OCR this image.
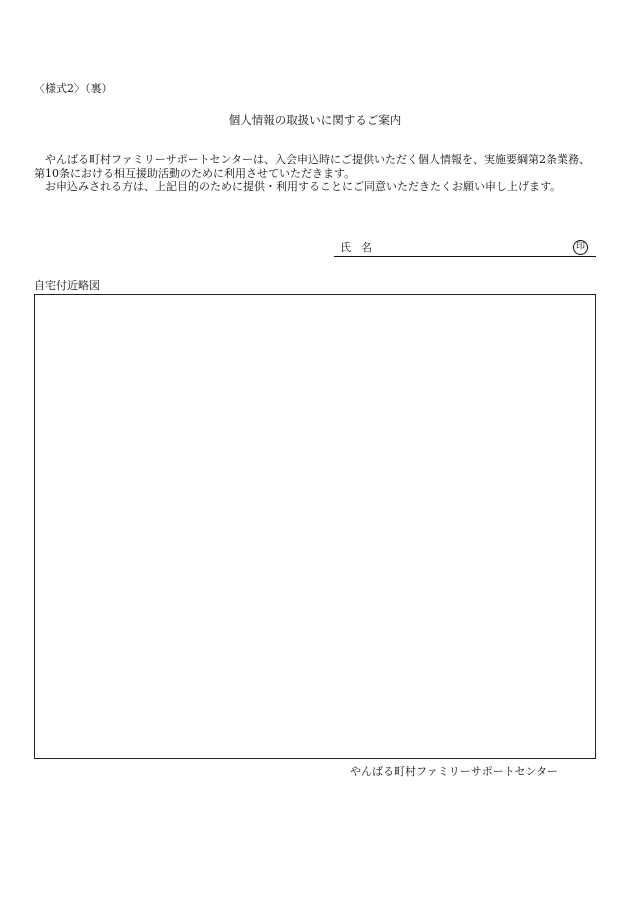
〈様式2〉（裏）
個人情報の取扱いに関するご案内

やんばる町村ファミリーサポートセンターは、入会申込時にご提供いただく個人情報を、実施要綱第2条業務、第10条における相互援助活動のために利用させていただきます。

お申込みされる方は、上記目的のために提供・利用することにご同意いただきたくお願い申し上げます。

氏名	印
自宅付近略図
やんばる町村ファミリーサポートセンター
